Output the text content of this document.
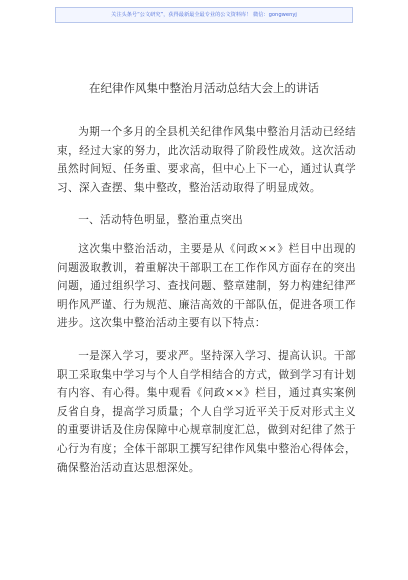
关注头条号“公文研究”，获得最新最全最专业的公文资料库！ 微信：gongwenyj
在纪律作风集中整治月活动总结大会上的讲话

为期一个多月的全县机关纪律作风集中整治月活动已经结束，经过大家的努力，此次活动取得了阶段性成效。这次活动虽然时间短、任务重、要求高，但中心上下一心，通过认真学习、深入查摆、集中整改，整治活动取得了明显成效。

一、活动特色明显，整治重点突出

这次集中整治活动，主要是从《问政××》栏目中出现的问题汲取教训，着重解决干部职工在工作作风方面存在的突出问题，通过组织学习、查找问题、整章建制，努力构建纪律严明作风严谨、行为规范、廉洁高效的干部队伍，促进各项工作进步。这次集中整治活动主要有以下特点：

一是深入学习，要求严。坚持深入学习、提高认识。干部职工采取集中学习与个人自学相结合的方式，做到学习有计划有内容、有心得。集中观看《问政××》栏目，通过真实案例反省自身，提高学习质量；个人自学习近平关于反对形式主义的重要讲话及住房保障中心规章制度汇总，做到对纪律了然于心行为有度；全体干部职工撰写纪律作风集中整治心得体会，确保整治活动直达思想深处。
